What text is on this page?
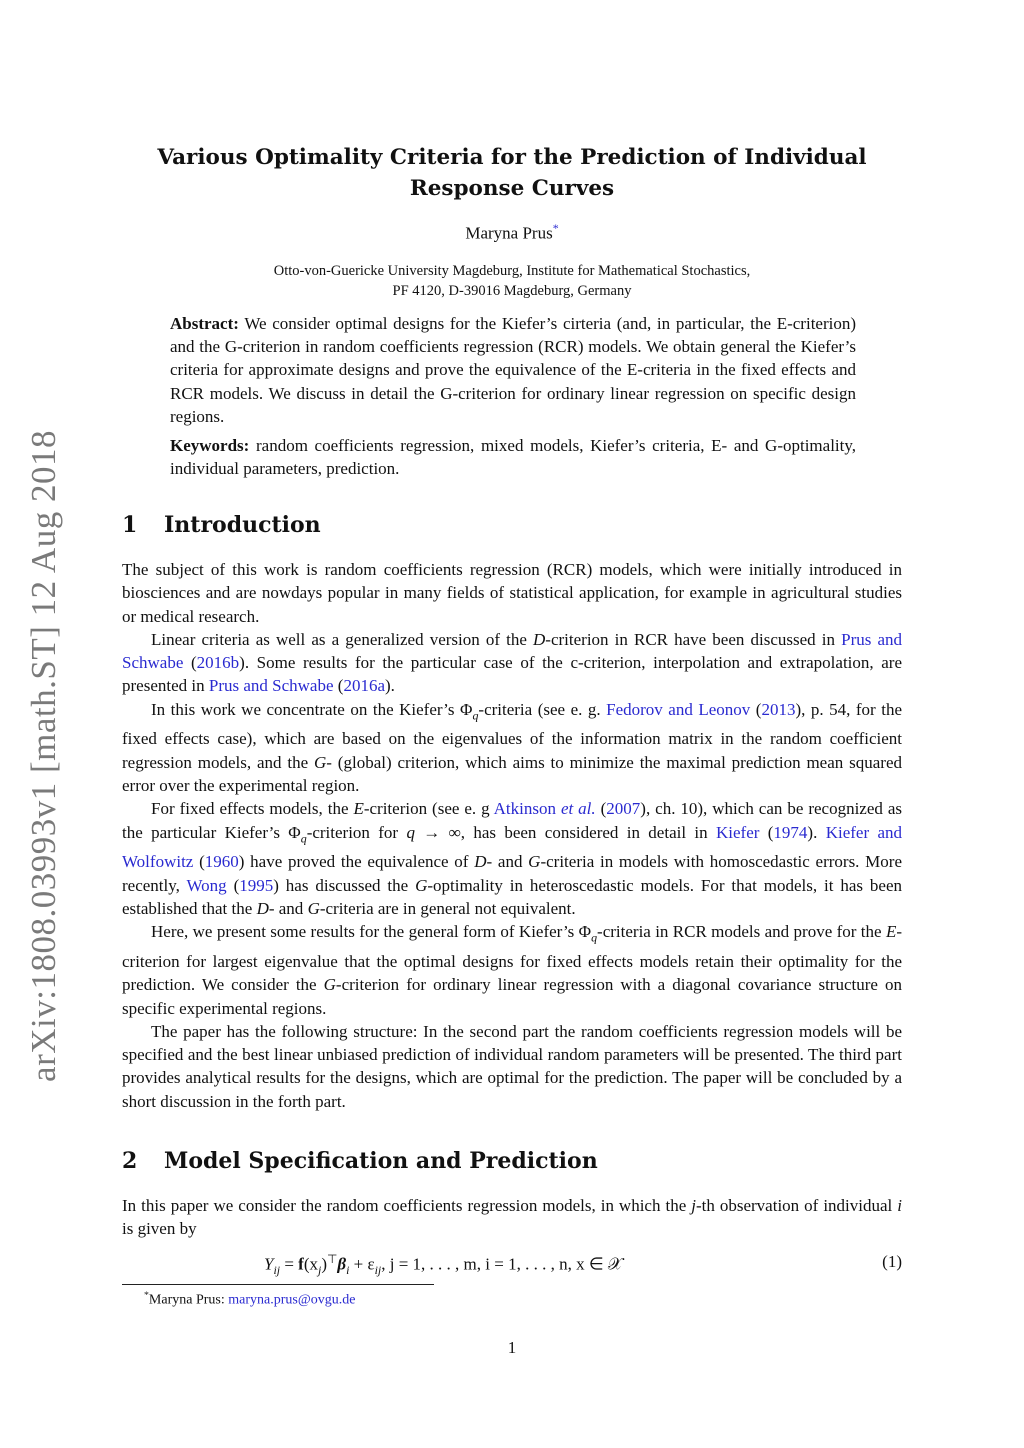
arXiv:1808.03993v1 [math.ST] 12 Aug 2018
Various Optimality Criteria for the Prediction of Individual
Response Curves
Maryna Prus*
Otto-von-Guericke University Magdeburg, Institute for Mathematical Stochastics,
PF 4120, D-39016 Magdeburg, Germany

Abstract: We consider optimal designs for the Kiefer’s cirteria (and, in particular, the E-criterion) and the G-criterion in random coefficients regression (RCR) models. We obtain general the Kiefer’s criteria for approximate designs and prove the equivalence of the E-criteria in the fixed effects and RCR models. We discuss in detail the G-criterion for ordinary linear regression on specific design regions.

Keywords: random coefficients regression, mixed models, Kiefer’s criteria, E- and G-optimality, individual parameters, prediction.

1 Introduction

The subject of this work is random coefficients regression (RCR) models, which were initially introduced in biosciences and are nowdays popular in many fields of statistical application, for example in agricultural studies or medical research.

Linear criteria as well as a generalized version of the D-criterion in RCR have been discussed in Prus and Schwabe (2016b). Some results for the particular case of the c-criterion, interpolation and extrapolation, are presented in Prus and Schwabe (2016a).

In this work we concentrate on the Kiefer’s $\Phi_q$-criteria (see e. g. Fedorov and Leonov (2013), p. 54, for the fixed effects case), which are based on the eigenvalues of the information matrix in the random coefficient regression models, and the G- (global) criterion, which aims to minimize the maximal prediction mean squared error over the experimental region.

For fixed effects models, the E-criterion (see e. g Atkinson et al. (2007), ch. 10), which can be recognized as the particular Kiefer’s $\Phi_q$-criterion for q → ∞, has been considered in detail in Kiefer (1974). Kiefer and Wolfowitz (1960) have proved the equivalence of D- and G-criteria in models with homoscedastic errors. More recently, Wong (1995) has discussed the G-optimality in heteroscedastic models. For that models, it has been established that the D- and G-criteria are in general not equivalent.

Here, we present some results for the general form of Kiefer’s $\Phi_q$-criteria in RCR models and prove for the E-criterion for largest eigenvalue that the optimal designs for fixed effects models retain their optimality for the prediction. We consider the G-criterion for ordinary linear regression with a diagonal covariance structure on specific experimental regions.

The paper has the following structure: In the second part the random coefficients regression models will be specified and the best linear unbiased prediction of individual random parameters will be presented. The third part provides analytical results for the designs, which are optimal for the prediction. The paper will be concluded by a short discussion in the forth part.

2 Model Specification and Prediction

In this paper we consider the random coefficients regression models, in which the j-th observation of individual i is given by

$Y_{ij} = f(x_j)^⊤\beta_i + \varepsilon_{ij}$, j = 1, . . . , m, i = 1, . . . , n, x ∈ 𝒳	(1)
*Maryna Prus: maryna.prus@ovgu.de
1
